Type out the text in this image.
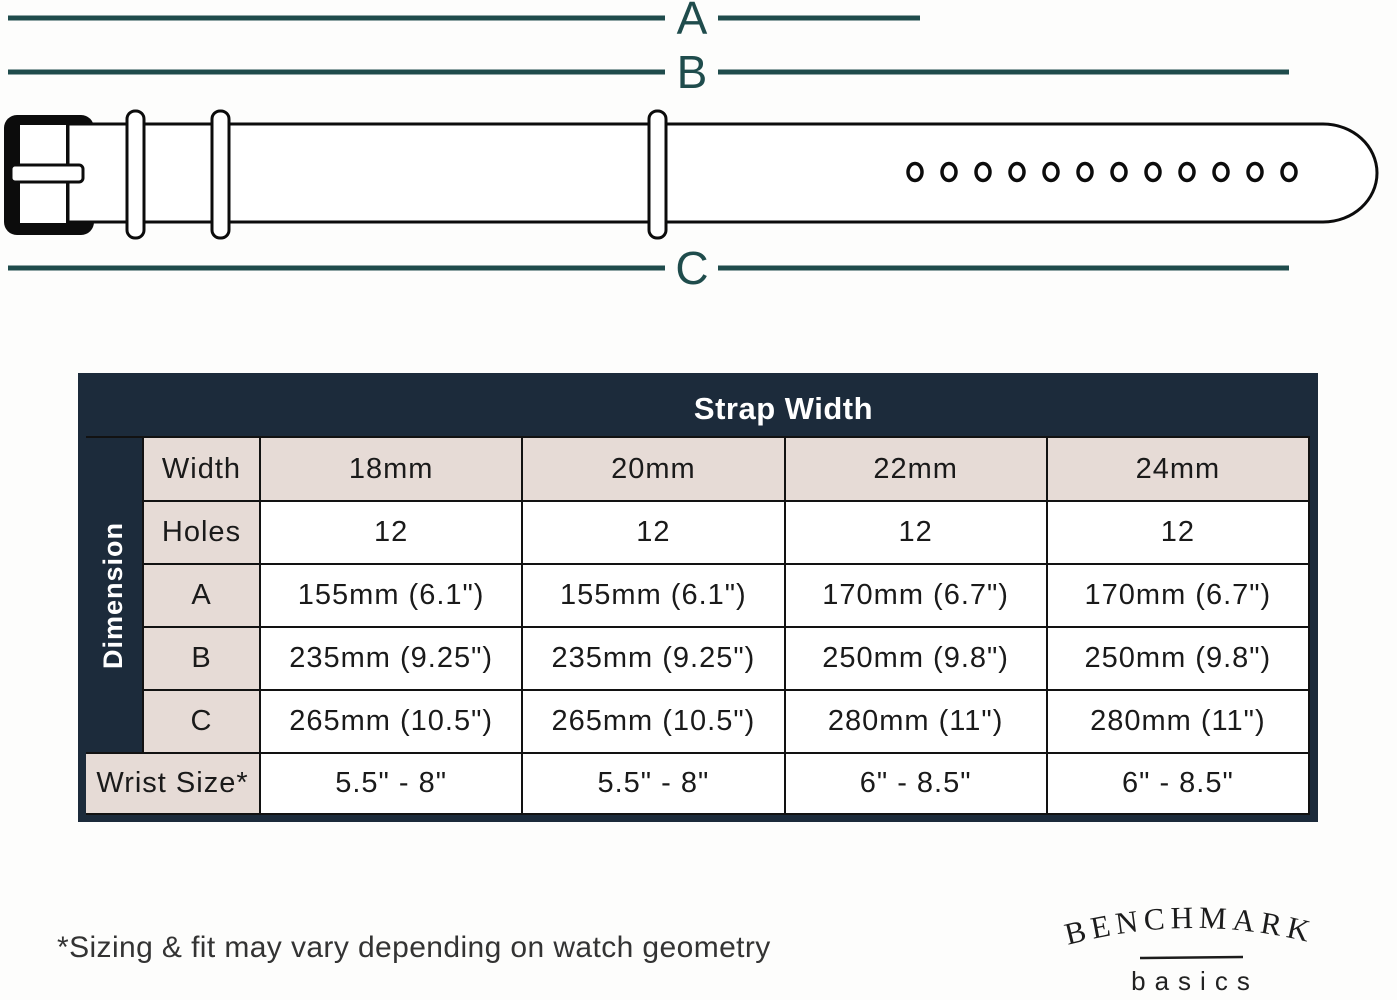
A
B
C
Strap Width
Dimension
Width	18mm	20mm	22mm	24mm
Holes	12	12	12	12
A	155mm (6.1")	155mm (6.1")	170mm (6.7")	170mm (6.7")
B	235mm (9.25")	235mm (9.25")	250mm (9.8")	250mm (9.8")
C	265mm (10.5")	265mm (10.5")	280mm (11")	280mm (11")
Wrist Size*	5.5" - 8"	5.5" - 8"	6" - 8.5"	6" - 8.5"
*Sizing & fit may vary depending on watch geometry	BENCHMARK
basics
